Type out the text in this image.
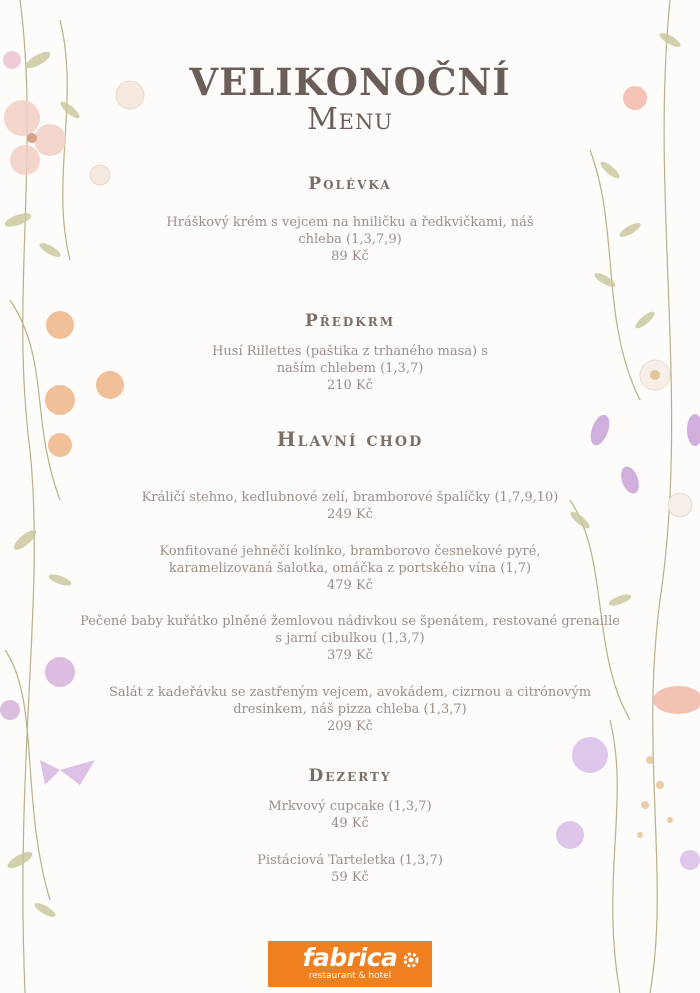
VELIKONOČNÍ
Menu
Polévka
Hráškový krém s vejcem na hniličku a ředkvičkami, náš chleba (1,3,7,9)
89 Kč
Předkrm
Husí Rillettes (paštika z trhaného masa) s naším chlebem (1,3,7)
210 Kč
Hlavní chod
Králičí stehno, kedlubnové zelí, bramborové špalíčky (1,7,9,10)
249 Kč
Konfitované jehněčí kolínko, bramborovo česnekové pyré, karamelizovaná šalotka, omáčka z portského vína (1,7)
479 Kč
Pečené baby kuřátko plněné žemlovou nádivkou se špenátem, restované grenaille s jarní cibulkou (1,3,7)
379 Kč
Salát z kadeřávku se zastřeným vejcem, avokádem, cizrnou a citrónovým dresinkem, náš pizza chleba (1,3,7)
209 Kč
Dezerty
Mrkvový cupcake (1,3,7)
49 Kč
Pistáciová Tarteletka (1,3,7)
59 Kč
fabrica
restaurant & hotel
